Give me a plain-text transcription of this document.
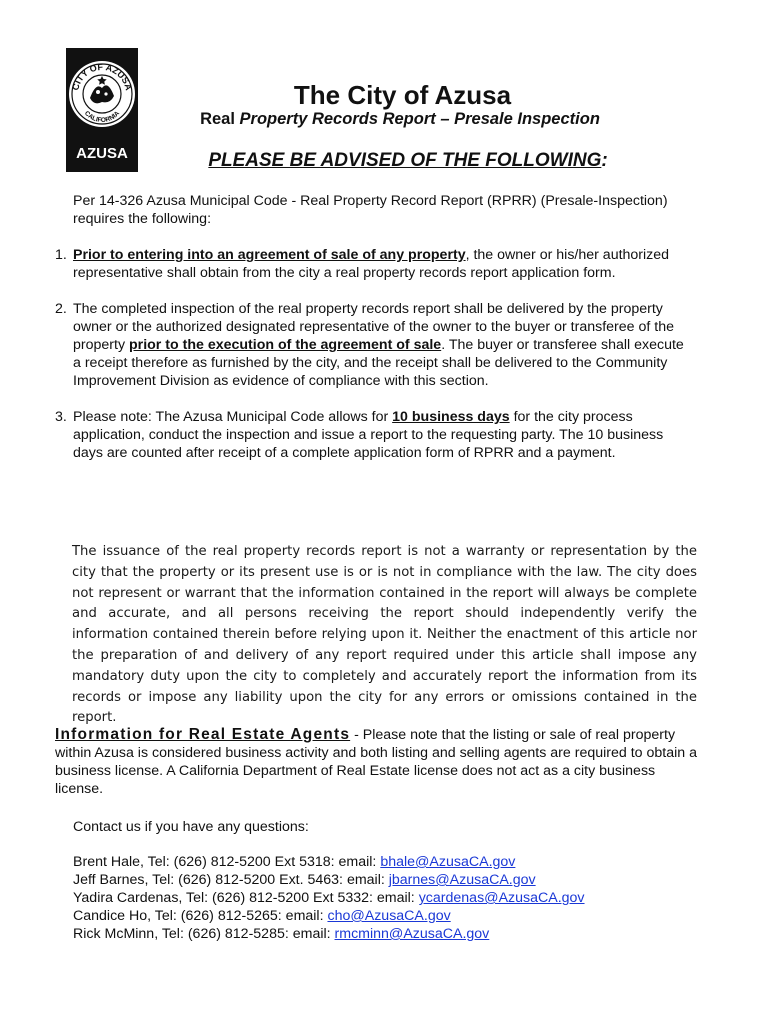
CITY OF AZUSA
CALIFORNIA
AZUSA
The City of Azusa
Real Property Records Report – Presale Inspection
PLEASE BE ADVISED OF THE FOLLOWING:

Per 14-326 Azusa Municipal Code - Real Property Record Report (RPRR) (Presale-Inspection) requires the following:

1. Prior to entering into an agreement of sale of any property, the owner or his/her authorized representative shall obtain from the city a real property records report application form.
2. The completed inspection of the real property records report shall be delivered by the property owner or the authorized designated representative of the owner to the buyer or transferee of the property prior to the execution of the agreement of sale. The buyer or transferee shall execute a receipt therefore as furnished by the city, and the receipt shall be delivered to the Community Improvement Division as evidence of compliance with this section.
3. Please note: The Azusa Municipal Code allows for 10 business days for the city process application, conduct the inspection and issue a report to the requesting party. The 10 business days are counted after receipt of a complete application form of RPRR and a payment.

The issuance of the real property records report is not a warranty or representation by the city that the property or its present use is or is not in compliance with the law. The city does not represent or warrant that the information contained in the report will always be complete and accurate, and all persons receiving the report should independently verify the information contained therein before relying upon it. Neither the enactment of this article nor the preparation of and delivery of any report required under this article shall impose any mandatory duty upon the city to completely and accurately report the information from its records or impose any liability upon the city for any errors or omissions contained in the report.

Information for Real Estate Agents - Please note that the listing or sale of real property within Azusa is considered business activity and both listing and selling agents are required to obtain a business license. A California Department of Real Estate license does not act as a city business license.

Contact us if you have any questions:

Brent Hale, Tel: (626) 812-5200 Ext 5318: email: bhale@AzusaCA.gov
Jeff Barnes, Tel: (626) 812-5200 Ext. 5463: email: jbarnes@AzusaCA.gov
Yadira Cardenas, Tel: (626) 812-5200 Ext 5332: email: ycardenas@AzusaCA.gov
Candice Ho, Tel: (626) 812-5265: email: cho@AzusaCA.gov
Rick McMinn, Tel: (626) 812-5285: email: rmcminn@AzusaCA.gov
